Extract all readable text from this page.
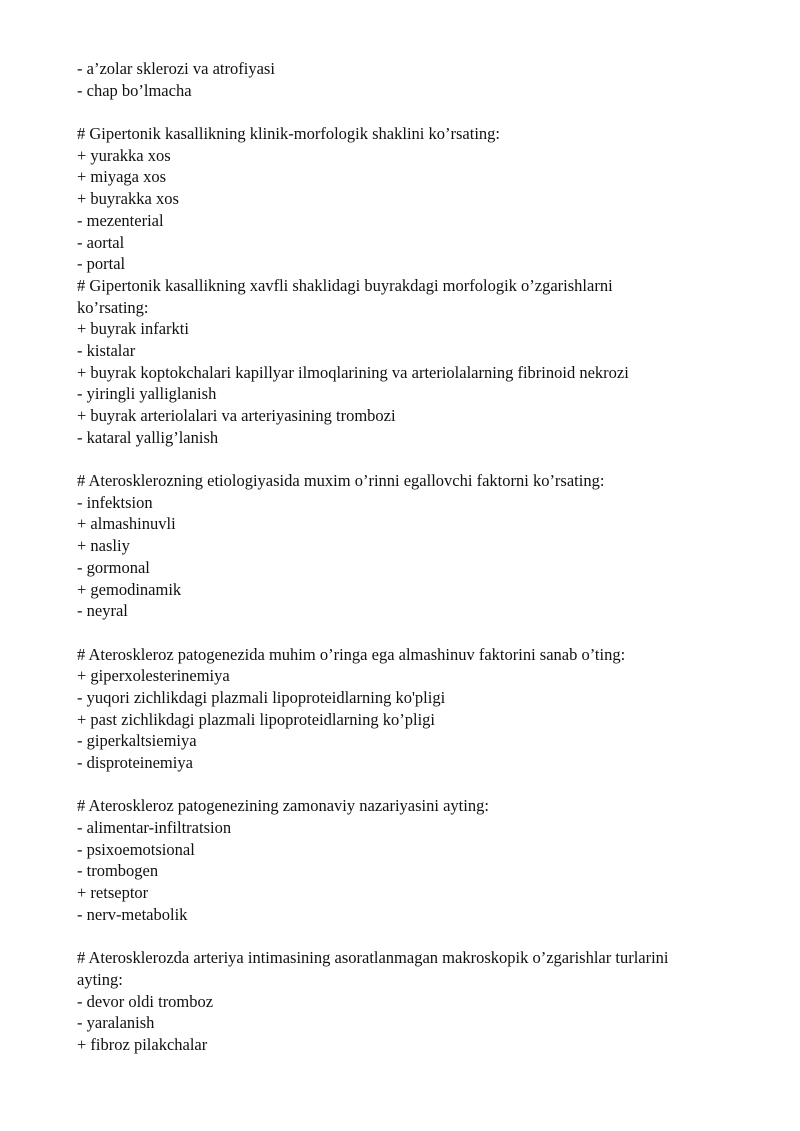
- a’zolar sklerozi va atrofiyasi
- chap bo’lmacha
# Gipertonik kasallikning klinik-morfologik shaklini ko’rsating:
+ yurakka xos
+ miyaga xos
+ buyrakka xos
- mezenterial
- aortal
- portal
# Gipertonik kasallikning xavfli shaklidagi buyrakdagi morfologik o’zgarishlarni
ko’rsating:
+ buyrak infarkti
- kistalar
+ buyrak koptokchalari kapillyar ilmoqlarining va arteriolalarning fibrinoid nekrozi
- yiringli yalliglanish
+ buyrak arteriolalari va arteriyasining trombozi
- kataral yallig’lanish
# Aterosklerozning etiologiyasida muxim o’rinni egallovchi faktorni ko’rsating:
- infektsion
+ almashinuvli
+ nasliy
- gormonal
+ gemodinamik
- neyral
# Ateroskleroz patogenezida muhim o’ringa ega almashinuv faktorini sanab o’ting:
+ giperxolesterinemiya
- yuqori zichlikdagi plazmali lipoproteidlarning ko'pligi
+ past zichlikdagi plazmali lipoproteidlarning ko’pligi
- giperkaltsiemiya
- disproteinemiya
# Ateroskleroz patogenezining zamonaviy nazariyasini ayting:
- alimentar-infiltratsion
- psixoemotsional
- trombogen
+ retseptor
- nerv-metabolik
# Aterosklerozda arteriya intimasining asoratlanmagan makroskopik o’zgarishlar turlarini
ayting:
- devor oldi tromboz
- yaralanish
+ fibroz pilakchalar
